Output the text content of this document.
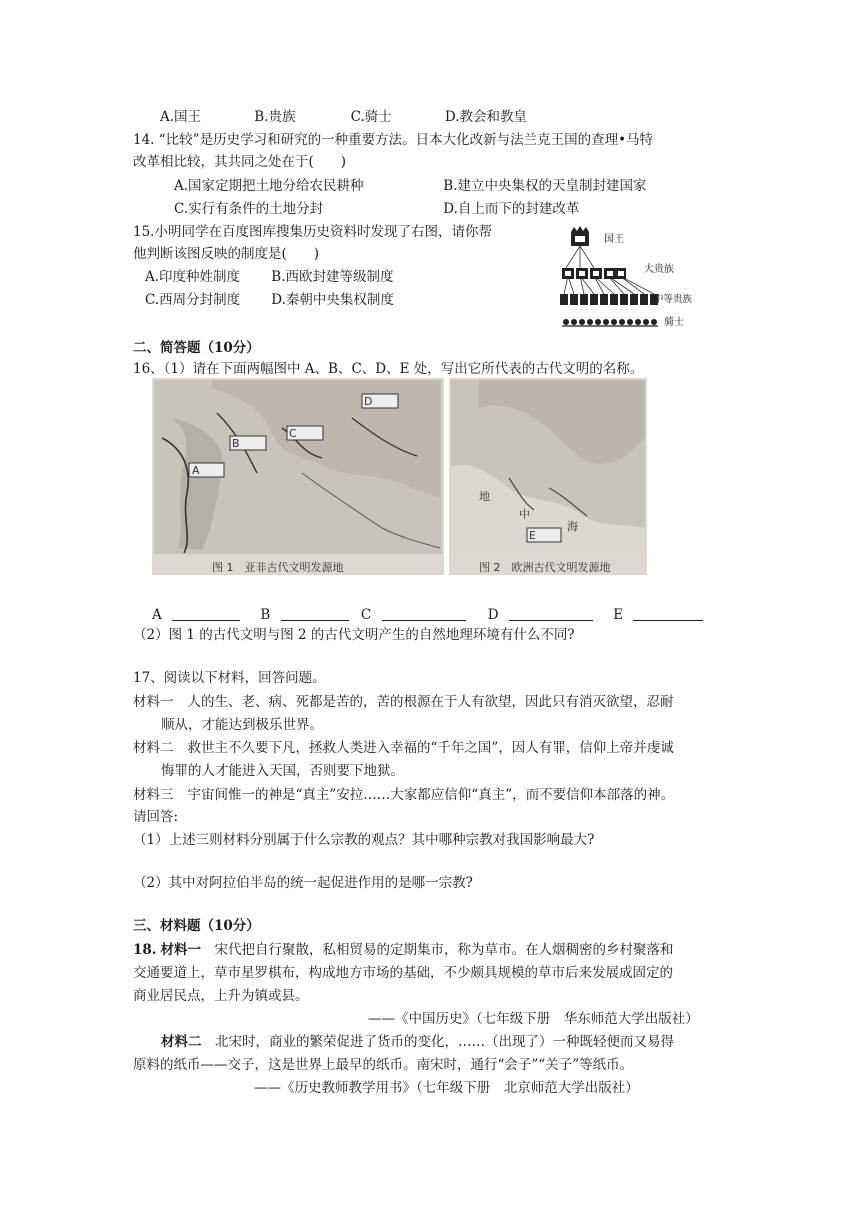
A.国王	B.贵族	C.骑士	D.教会和教皇
14. “比较”是历史学习和研究的一种重要方法。日本大化改新与法兰克王国的查理•马特
改革相比较，其共同之处在于(　　)
A.国家定期把土地分给农民耕种	B.建立中央集权的天皇制封建国家
C.实行有条件的土地分封	D.自上而下的封建改革
15.小明同学在百度图库搜集历史资料时发现了右图，请你帮
他判断该图反映的制度是(　　)
A.印度种姓制度 B.西欧封建等级制度
C.西周分封制度 D.秦朝中央集权制度
国王
大贵族
中等贵族
骑士
二、简答题（10分）
16、（1）请在下面两幅图中 A、B、C、D、E 处，写出它所代表的古代文明的名称。
A
B
C
D
图 1　亚非古代文明发源地
E
地
中
海
图 2　欧洲古代文明发源地
A	B	C	D	E
（2）图 1 的古代文明与图 2 的古代文明产生的自然地理环境有什么不同?
17、阅读以下材料，回答问题。
材料一 人的生、老、病、死都是苦的，苦的根源在于人有欲望，因此只有消灭欲望，忍耐
顺从，才能达到极乐世界。
材料二 救世主不久要下凡，拯救人类进入幸福的“千年之国”，因人有罪，信仰上帝并虔诚
悔罪的人才能进入天国，否则要下地狱。
材料三 宇宙间惟一的神是“真主”安拉……大家都应信仰“真主”，而不要信仰本部落的神。
请回答:
（1）上述三则材料分别属于什么宗教的观点？其中哪种宗教对我国影响最大?
（2）其中对阿拉伯半岛的统一起促进作用的是哪一宗教?
三、材料题（10分）
18. 材料一　宋代把自行聚散，私相贸易的定期集市，称为草市。在人烟稠密的乡村聚落和
交通要道上，草市星罗棋布，构成地方市场的基础，不少颇具规模的草市后来发展成固定的
商业居民点，上升为镇或县。
——《中国历史》（七年级下册　华东师范大学出版社）
材料二　北宋时，商业的繁荣促进了货币的变化，……（出现了）一种既轻便而又易得
原料的纸币——交子，这是世界上最早的纸币。南宋时，通行“会子”“关子”等纸币。
——《历史教师教学用书》（七年级下册　北京师范大学出版社）
